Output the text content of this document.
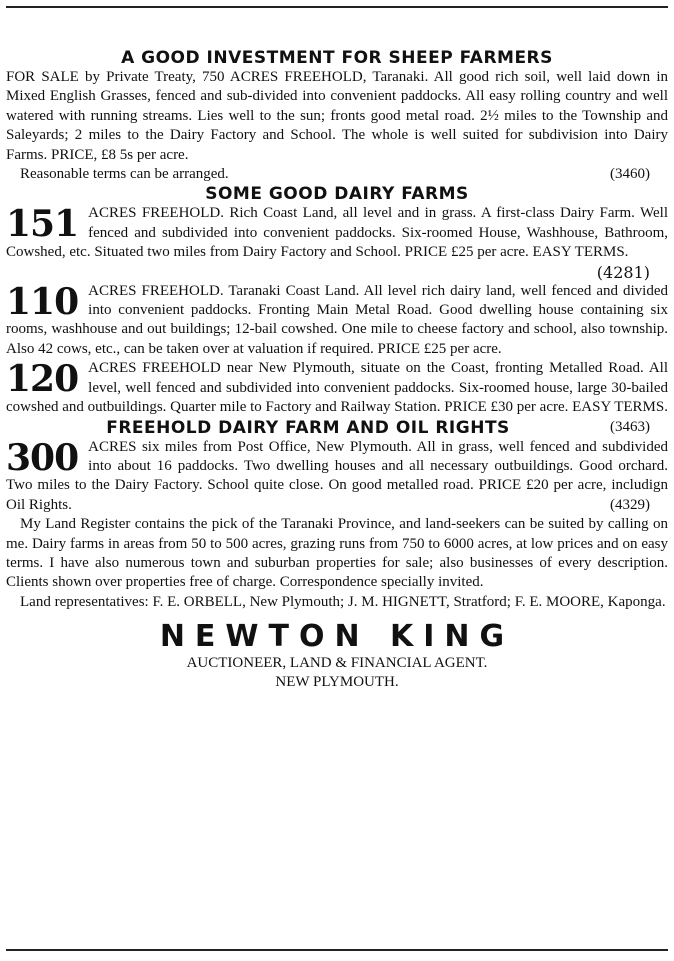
A GOOD INVESTMENT FOR SHEEP FARMERS

FOR SALE by Private Treaty, 750 ACRES FREEHOLD, Taranaki. All good rich soil, well laid down in Mixed English Grasses, fenced and sub-divided into convenient paddocks. All easy rolling country and well watered with running streams. Lies well to the sun; fronts good metal road. 2½ miles to the Township and Saleyards; 2 miles to the Dairy Factory and School. The whole is well suited for subdivision into Dairy Farms. PRICE, £8 5s per acre.

Reasonable terms can be arranged.	(3460)

SOME GOOD DAIRY FARMS
151 ACRES FREEHOLD. Rich Coast Land, all level and in grass. A first-class Dairy Farm. Well fenced and subdivided into convenient paddocks. Six-roomed House, Washhouse, Bathroom, Cowshed, etc. Situated two miles from Dairy Factory and School. PRICE £25 per acre. EASY TERMS.

(4281)
110 ACRES FREEHOLD. Taranaki Coast Land. All level rich dairy land, well fenced and divided into convenient paddocks. Fronting Main Metal Road. Good dwelling house containing six rooms, washhouse and out buildings; 12-bail cowshed. One mile to cheese factory and school, also township. Also 42 cows, etc., can be taken over at valuation if required. PRICE £25 per acre.

120 ACRES FREEHOLD near New Plymouth, situate on the Coast, fronting Metalled Road. All level, well fenced and subdivided into convenient paddocks. Six-roomed house, large 30-bailed cowshed and outbuildings. Quarter mile to Factory and Railway Station. PRICE £30 per acre. EASY TERMS.
(3463)

FREEHOLD DAIRY FARM AND OIL RIGHTS
300 ACRES six miles from Post Office, New Plymouth. All in grass, well fenced and subdivided into about 16 paddocks. Two dwelling houses and all necessary outbuildings. Good orchard. Two miles to the Dairy Factory. School quite close. On good metalled road. PRICE £20 per acre, includign Oil Rights.	(4329)

My Land Register contains the pick of the Taranaki Province, and land-seekers can be suited by calling on me. Dairy farms in areas from 50 to 500 acres, grazing runs from 750 to 6000 acres, at low prices and on easy terms. I have also numerous town and suburban properties for sale; also businesses of every description. Clients shown over properties free of charge. Correspondence specially invited.

Land representatives: F. E. ORBELL, New Plymouth; J. M. HIGNETT, Stratford; F. E. MOORE, Kaponga.

NEWTON KING
AUCTIONEER, LAND & FINANCIAL AGENT.
NEW PLYMOUTH.
